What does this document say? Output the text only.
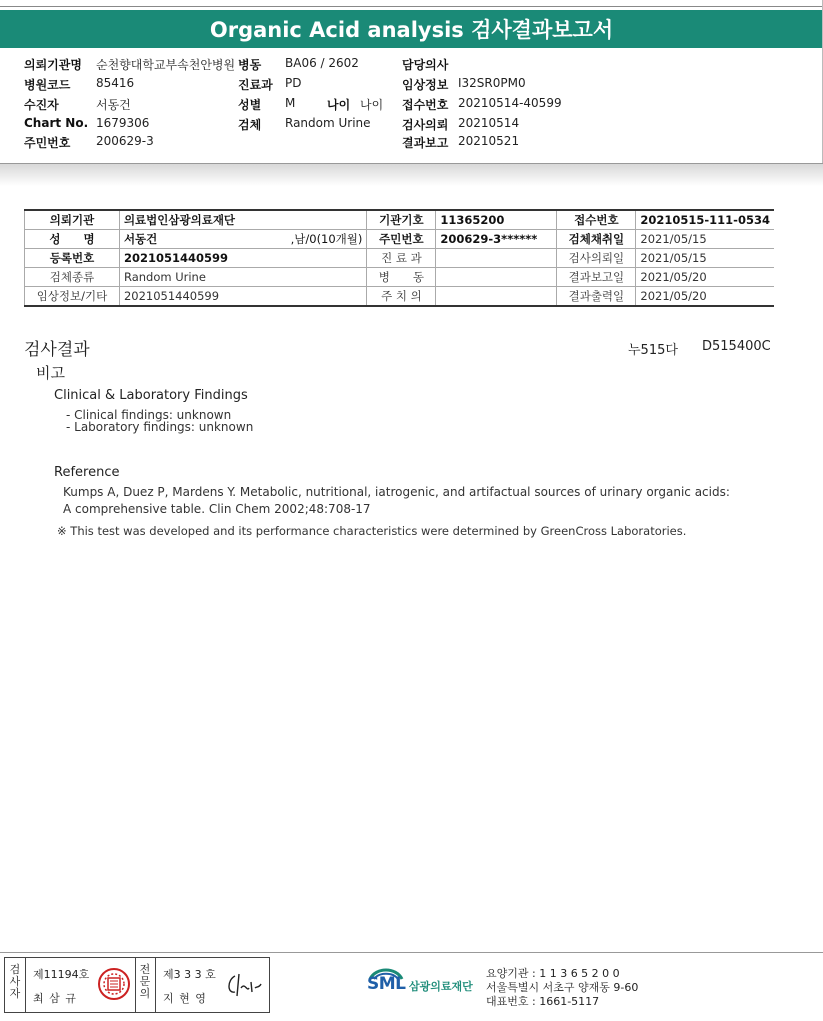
Organic Acid analysis 검사결과보고서
의뢰기관명 순천향대학교부속천안병원
병원코드 85416
수진자	서동건
Chart No. 1679306
주민번호 200629-3
병동 BA06 / 2602
진료과 PD
성별 M	나이 나이
검체 Random Urine
담당의사
임상정보 I32SR0PM0
접수번호 20210514-40599
검사의뢰 20210514
결과보고 20210521
의뢰기관	의료법인삼광의료재단	기관기호	11365200	접수번호	20210515-111-0534
성　　명	서동건 ,남/0(10개월)	주민번호	200629-3******	검체채취일	2021/05/15
등록번호	2021051440599	진 료 과		검사의뢰일	2021/05/15
검체종류	Random Urine	병　　동		결과보고일	2021/05/20
임상정보/기타	2021051440599	주 치 의		결과출력일	2021/05/20
검사결과	누515다 D515400C
비고
Clinical & Laboratory Findings
- Clinical findings: unknown
- Laboratory findings: unknown
Reference
Kumps A, Duez P, Mardens Y. Metabolic, nutritional, iatrogenic, and artifactual sources of urinary organic acids:
A comprehensive table. Clin Chem 2002;48:708-17
※ This test was developed and its performance characteristics were determined by GreenCross Laboratories.
검사자
제11194호
최 삼 규
전문의
제3 3 3 호
지 현 영
SML 삼광의료재단
요양기관 : 1 1 3 6 5 2 0 0
서울특별시 서초구 양재동 9-60
대표번호 : 1661-5117
